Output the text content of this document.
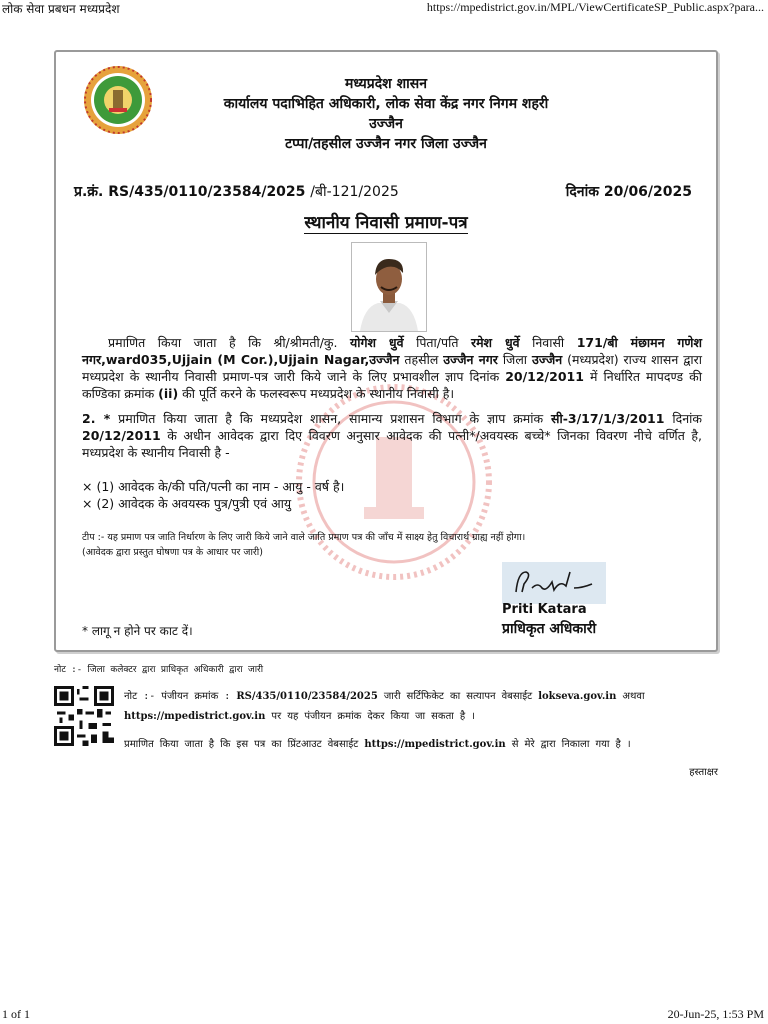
लोक सेवा प्रबधन मध्यप्रदेश	https://mpedistrict.gov.in/MPL/ViewCertificateSP_Public.aspx?para...
मध्यप्रदेश शासन
कार्यालय पदाभिहित अधिकारी, लोक सेवा केंद्र नगर निगम शहरी
उज्जैन
टप्पा/तहसील उज्जैन नगर जिला उज्जैन
प्र.क्रं. RS/435/0110/23584/2025 /बी-121/2025	दिनांक 20/06/2025
स्थानीय निवासी प्रमाण-पत्र
प्रमाणित किया जाता है कि श्री/श्रीमती/कु. योगेश धुर्वे पिता/पति रमेश धुर्वे निवासी 171/बी मंछामन गणेश नगर,ward035,Ujjain (M Cor.),Ujjain Nagar,उज्जैन तहसील उज्जैन नगर जिला उज्जैन (मध्यप्रदेश) राज्य शासन द्वारा मध्यप्रदेश के स्थानीय निवासी प्रमाण-पत्र जारी किये जाने के लिए प्रभावशील ज्ञाप दिनांक 20/12/2011 में निर्धारित मापदण्ड की कण्डिका क्रमांक (ii) की पूर्ति करने के फलस्वरूप मध्यप्रदेश के स्थानीय निवासी है।
2. * प्रमाणित किया जाता है कि मध्यप्रदेश शासन, सामान्य प्रशासन विभाग के ज्ञाप क्रमांक सी-3/17/1/3/2011 दिनांक 20/12/2011 के अधीन आवेदक द्वारा दिए विवरण अनुसार आवेदक की पत्नी*/अवयस्क बच्चे* जिनका विवरण नीचे वर्णित है, मध्यप्रदेश के स्थानीय निवासी है -
× (1) आवेदक के/की पति/पत्नी का नाम - आयु - वर्ष है।
× (2) आवेदक के अवयस्क पुत्र/पुत्री एवं आयु
टीप :- यह प्रमाण पत्र जाति निर्धारण के लिए जारी किये जाने वाले जाति प्रमाण पत्र की जाँच में साक्ष्य हेतु विचारार्थ ग्राह्य नहीं होगा।
(आवेदक द्वारा प्रस्तुत घोषणा पत्र के आधार पर जारी)
Priti Katara
प्राधिकृत अधिकारी
* लागू न होने पर काट दें।
नोट :- जिला कलेक्टर द्वारा प्राधिकृत अधिकारी द्वारा जारी
नोट :- पंजीयन क्रमांक : RS/435/0110/23584/2025 जारी सर्टिफिकेट का सत्यापन वेबसाईट lokseva.gov.in अथवा
https://mpedistrict.gov.in पर यह पंजीयन क्रमांक देकर किया जा सकता है ।
प्रमाणित किया जाता है कि इस पत्र का प्रिंटआउट वेबसाईट https://mpedistrict.gov.in से मेरे द्वारा निकाला गया है ।
हस्ताक्षर
1 of 1	20-Jun-25, 1:53 PM
